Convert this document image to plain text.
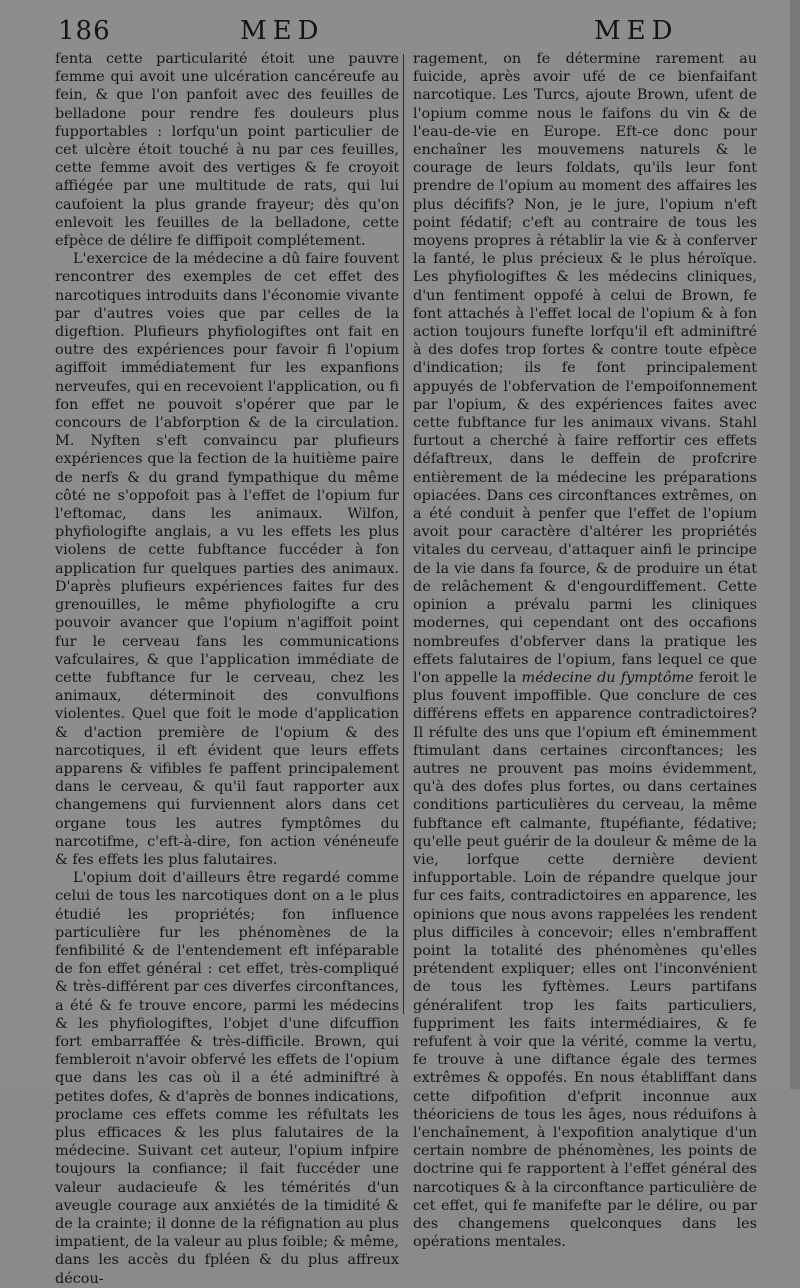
186	MED	MED

fenta cette particularité étoit une pauvre femme qui avoit une ulcération cancéreufe au fein, & que l'on panfoit avec des feuilles de belladone pour rendre fes douleurs plus fupportables : lorfqu'un point particulier de cet ulcère étoit touché à nu par ces feuilles, cette femme avoit des vertiges & fe croyoit affiégée par une multitude de rats, qui lui caufoient la plus grande frayeur; dès qu'on enlevoit les feuilles de la belladone, cette efpèce de délire fe diffipoit complétement.

L'exercice de la médecine a dû faire fouvent rencontrer des exemples de cet effet des narcotiques introduits dans l'économie vivante par d'autres voies que par celles de la digeftion. Plufieurs phyfiologiftes ont fait en outre des expériences pour favoir fi l'opium agiffoit immédiatement fur les expanfions nerveufes, qui en recevoient l'application, ou fi fon effet ne pouvoit s'opérer que par le concours de l'abforption & de la circulation. M. Nyften s'eft convaincu par plufieurs expériences que la fection de la huitième paire de nerfs & du grand fympathique du même côté ne s'oppofoit pas à l'effet de l'opium fur l'eftomac, dans les animaux. Wilfon, phyfiologifte anglais, a vu les effets les plus violens de cette fubftance fuccéder à fon application fur quelques parties des animaux. D'après plufieurs expériences faites fur des grenouilles, le même phyfiologifte a cru pouvoir avancer que l'opium n'agiffoit point fur le cerveau fans les communications vafculaires, & que l'application immédiate de cette fubftance fur le cerveau, chez les animaux, déterminoit des convulfions violentes. Quel que foit le mode d'application & d'action première de l'opium & des narcotiques, il eft évident que leurs effets apparens & vifibles fe paffent principalement dans le cerveau, & qu'il faut rapporter aux changemens qui furviennent alors dans cet organe tous les autres fymptômes du narcotifme, c'eft-à-dire, fon action vénéneufe & fes effets les plus falutaires.

L'opium doit d'ailleurs être regardé comme celui de tous les narcotiques dont on a le plus étudié les propriétés; fon influence particulière fur les phénomènes de la fenfibilité & de l'entendement eft inféparable de fon effet général : cet effet, très-compliqué & très-différent par ces diverfes circonftances, a été & fe trouve encore, parmi les médecins & les phyfiologiftes, l'objet d'une difcuffion fort embarraffée & très-difficile. Brown, qui fembleroit n'avoir obfervé les effets de l'opium que dans les cas où il a été adminiftré à petites dofes, & d'après de bonnes indications, proclame ces effets comme les réfultats les plus efficaces & les plus falutaires de la médecine. Suivant cet auteur, l'opium infpire toujours la confiance; il fait fuccéder une valeur audacieufe & les témérités d'un aveugle courage aux anxiétés de la timidité & de la crainte; il donne de la réfignation au plus impatient, de la valeur au plus foible; & même, dans les accès du fpléen & du plus affreux décou-

ragement, on fe détermine rarement au fuicide, après avoir ufé de ce bienfaifant narcotique. Les Turcs, ajoute Brown, ufent de l'opium comme nous le faifons du vin & de l'eau-de-vie en Europe. Eft-ce donc pour enchaîner les mouvemens naturels & le courage de leurs foldats, qu'ils leur font prendre de l'opium au moment des affaires les plus décififs? Non, je le jure, l'opium n'eft point fédatif; c'eft au contraire de tous les moyens propres à rétablir la vie & à conferver la fanté, le plus précieux & le plus héroïque. Les phyfiologiftes & les médecins cliniques, d'un fentiment oppofé à celui de Brown, fe font attachés à l'effet local de l'opium & à fon action toujours funefte lorfqu'il eft adminiftré à des dofes trop fortes & contre toute efpèce d'indication; ils fe font principalement appuyés de l'obfervation de l'empoifonnement par l'opium, & des expériences faites avec cette fubftance fur les animaux vivans. Stahl furtout a cherché à faire reffortir ces effets défaftreux, dans le deffein de profcrire entièrement de la médecine les préparations opiacées. Dans ces circonftances extrêmes, on a été conduit à penfer que l'effet de l'opium avoit pour caractère d'altérer les propriétés vitales du cerveau, d'attaquer ainfi le principe de la vie dans fa fource, & de produire un état de relâchement & d'engourdiffement. Cette opinion a prévalu parmi les cliniques modernes, qui cependant ont des occafions nombreufes d'obferver dans la pratique les effets falutaires de l'opium, fans lequel ce que l'on appelle la médecine du fymptôme feroit le plus fouvent impoffible. Que conclure de ces différens effets en apparence contradictoires? Il réfulte des uns que l'opium eft éminemment ftimulant dans certaines circonftances; les autres ne prouvent pas moins évidemment, qu'à des dofes plus fortes, ou dans certaines conditions particulières du cerveau, la même fubftance eft calmante, ftupéfiante, fédative; qu'elle peut guérir de la douleur & même de la vie, lorfque cette dernière devient infupportable. Loin de répandre quelque jour fur ces faits, contradictoires en apparence, les opinions que nous avons rappelées les rendent plus difficiles à concevoir; elles n'embraffent point la totalité des phénomènes qu'elles prétendent expliquer; elles ont l'inconvénient de tous les fyftèmes. Leurs partifans généralifent trop les faits particuliers, fuppriment les faits intermédiaires, & fe refufent à voir que la vérité, comme la vertu, fe trouve à une diftance égale des termes extrêmes & oppofés. En nous établiffant dans cette difpofition d'efprit inconnue aux théoriciens de tous les âges, nous réduifons à l'enchaînement, à l'expofition analytique d'un certain nombre de phénomènes, les points de doctrine qui fe rapportent à l'effet général des narcotiques & à la circonftance particulière de cet effet, qui fe manifefte par le délire, ou par des changemens quelconques dans les opérations mentales.
